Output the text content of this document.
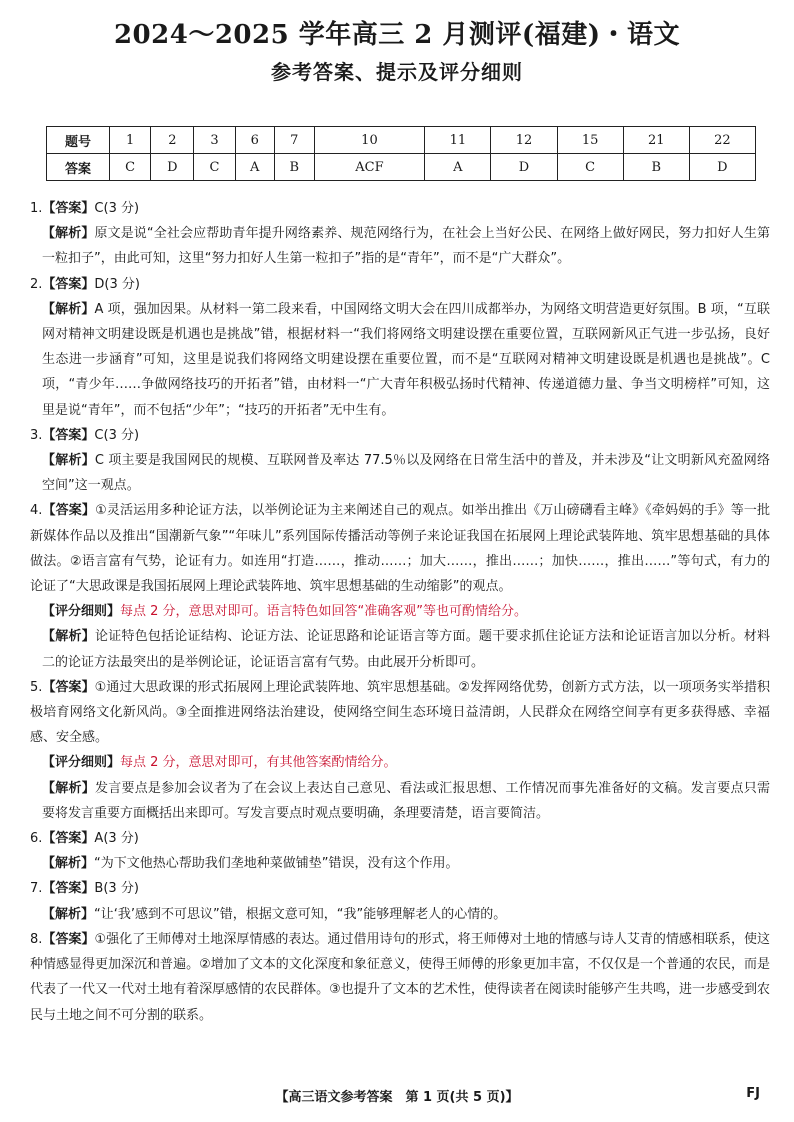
2024～2025 学年高三 2 月测评(福建)・语文
参考答案、提示及评分细则
题号	1	2	3	6	7	10	11	12	15	21	22
答案	C	D	C	A	B	ACF	A	D	C	B	D

1.【答案】C(3 分)

【解析】原文是说“全社会应帮助青年提升网络素养、规范网络行为，在社会上当好公民、在网络上做好网民，努力扣好人生第一粒扣子”，由此可知，这里“努力扣好人生第一粒扣子”指的是“青年”，而不是“广大群众”。

2.【答案】D(3 分)

【解析】A 项，强加因果。从材料一第二段来看，中国网络文明大会在四川成都举办，为网络文明营造更好氛围。B 项，“互联网对精神文明建设既是机遇也是挑战”错，根据材料一“我们将网络文明建设摆在重要位置，互联网新风正气进一步弘扬，良好生态进一步涵育”可知，这里是说我们将网络文明建设摆在重要位置，而不是“互联网对精神文明建设既是机遇也是挑战”。C 项，“青少年……争做网络技巧的开拓者”错，由材料一“广大青年积极弘扬时代精神、传递道德力量、争当文明榜样”可知，这里是说“青年”，而不包括“少年”；“技巧的开拓者”无中生有。

3.【答案】C(3 分)

【解析】C 项主要是我国网民的规模、互联网普及率达 77.5％以及网络在日常生活中的普及，并未涉及“让文明新风充盈网络空间”这一观点。

4.【答案】①灵活运用多种论证方法，以举例论证为主来阐述自己的观点。如举出推出《万山磅礴看主峰》《牵妈妈的手》等一批新媒体作品以及推出“国潮新气象”“年味儿”系列国际传播活动等例子来论证我国在拓展网上理论武装阵地、筑牢思想基础的具体做法。②语言富有气势，论证有力。如连用“打造……，推动……；加大……，推出……；加快……，推出……”等句式，有力的论证了“大思政课是我国拓展网上理论武装阵地、筑牢思想基础的生动缩影”的观点。

【评分细则】每点 2 分，意思对即可。语言特色如回答“准确客观”等也可酌情给分。

【解析】论证特色包括论证结构、论证方法、论证思路和论证语言等方面。题干要求抓住论证方法和论证语言加以分析。材料二的论证方法最突出的是举例论证，论证语言富有气势。由此展开分析即可。

5.【答案】①通过大思政课的形式拓展网上理论武装阵地、筑牢思想基础。②发挥网络优势，创新方式方法，以一项项务实举措积极培育网络文化新风尚。③全面推进网络法治建设，使网络空间生态环境日益清朗，人民群众在网络空间享有更多获得感、幸福感、安全感。

【评分细则】每点 2 分，意思对即可，有其他答案酌情给分。

【解析】发言要点是参加会议者为了在会议上表达自己意见、看法或汇报思想、工作情况而事先准备好的文稿。发言要点只需要将发言重要方面概括出来即可。写发言要点时观点要明确，条理要清楚，语言要简洁。

6.【答案】A(3 分)

【解析】“为下文他热心帮助我们垄地种菜做铺垫”错误，没有这个作用。

7.【答案】B(3 分)

【解析】“让‘我’感到不可思议”错，根据文意可知，“我”能够理解老人的心情的。

8.【答案】①强化了王师傅对土地深厚情感的表达。通过借用诗句的形式，将王师傅对土地的情感与诗人艾青的情感相联系，使这种情感显得更加深沉和普遍。②增加了文本的文化深度和象征意义，使得王师傅的形象更加丰富，不仅仅是一个普通的农民，而是代表了一代又一代对土地有着深厚感情的农民群体。③也提升了文本的艺术性，使得读者在阅读时能够产生共鸣，进一步感受到农民与土地之间不可分割的联系。

【高三语文参考答案　第 1 页(共 5 页)】	FJ
